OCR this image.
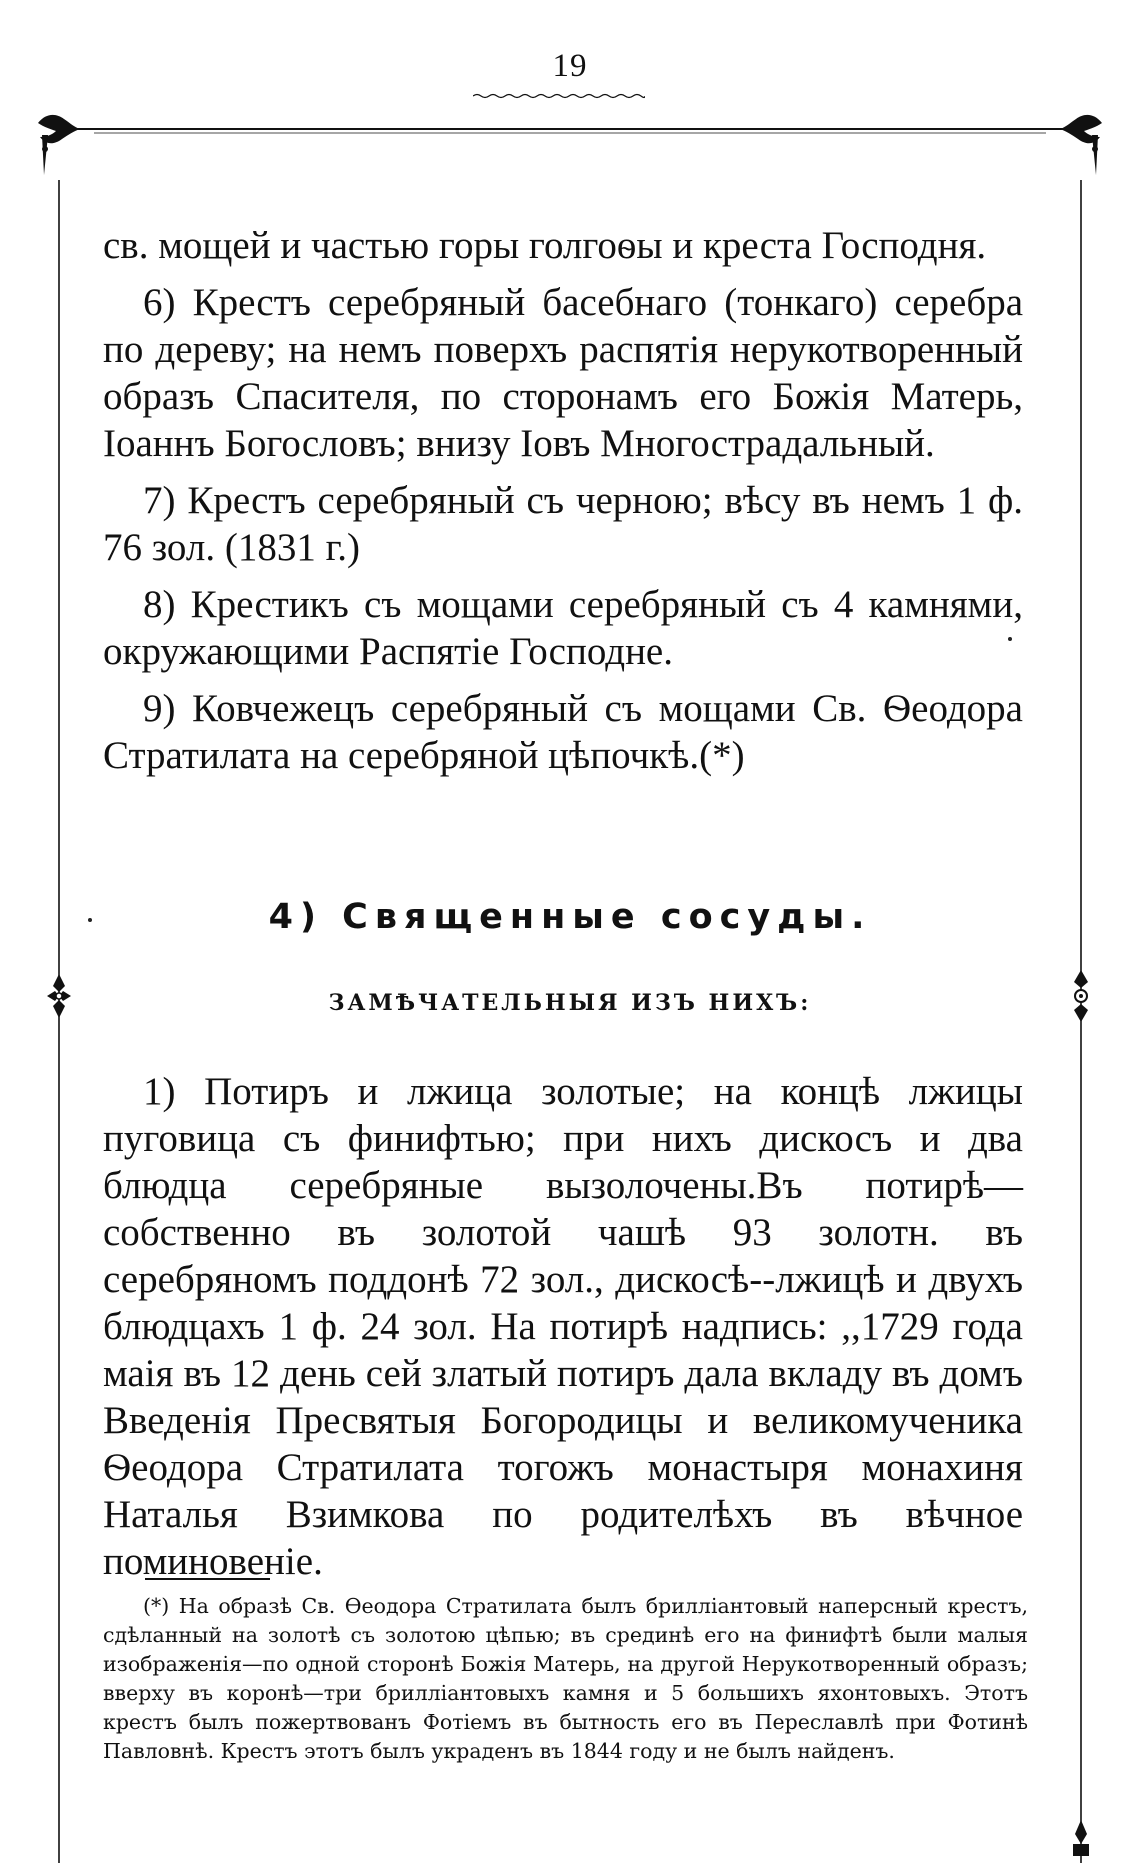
19

св. мощей и частью горы голгоѳы и креста Господня.

6) Крестъ серебряный басебнаго (тонкаго) серебра по дереву; на немъ поверхъ распятія нерукотворенный образъ Спасителя, по сторонамъ его Божія Матерь, Іоаннъ Богословъ; внизу Іовъ Многострадальный.

7) Крестъ серебряный съ черною; вѣсу въ немъ 1 ф. 76 зол. (1831 г.)

8) Крестикъ съ мощами серебряный съ 4 камнями, окружающими Распятіе Господне.

9) Ковчежецъ серебряный съ мощами Св. Ѳеодора Стратилата на серебряной цѣпочкѣ.(*)

4) Священные сосуды.
ЗАМѢЧАТЕЛЬНЫЯ ИЗЪ НИХЪ:

1) Потиръ и лжица золотые; на концѣ лжицы пуговица съ финифтью; при нихъ дискосъ и два блюдца серебряные вызолочены.Въ потирѣ—собственно въ золотой чашѣ 93 золотн. въ серебряномъ поддонѣ 72 зол., дискосѣ--лжицѣ и двухъ блюдцахъ 1 ф. 24 зол. На потирѣ надпись: ,,1729 года маія въ 12 день сей златый потиръ дала вкладу въ домъ Введенія Пресвятыя Богородицы и великомученика Ѳеодора Стратилата тогожъ монастыря монахиня Наталья Взимкова по родителѣхъ въ вѣчное поминовеніе.

(*) На образѣ Св. Ѳеодора Стратилата былъ брилліантовый наперсный крестъ, сдѣланный на золотѣ съ золотою цѣпью; въ срединѣ его на финифтѣ были малыя изображенія—по одной сторонѣ Божія Матерь, на другой Нерукотворенный образъ; вверху въ коронѣ—три брилліантовыхъ камня и 5 большихъ яхонтовыхъ. Этотъ крестъ былъ пожертвованъ Фотіемъ въ бытность его въ Переславлѣ при Фотинѣ Павловнѣ. Крестъ этотъ былъ украденъ въ 1844 году и не былъ найденъ.
